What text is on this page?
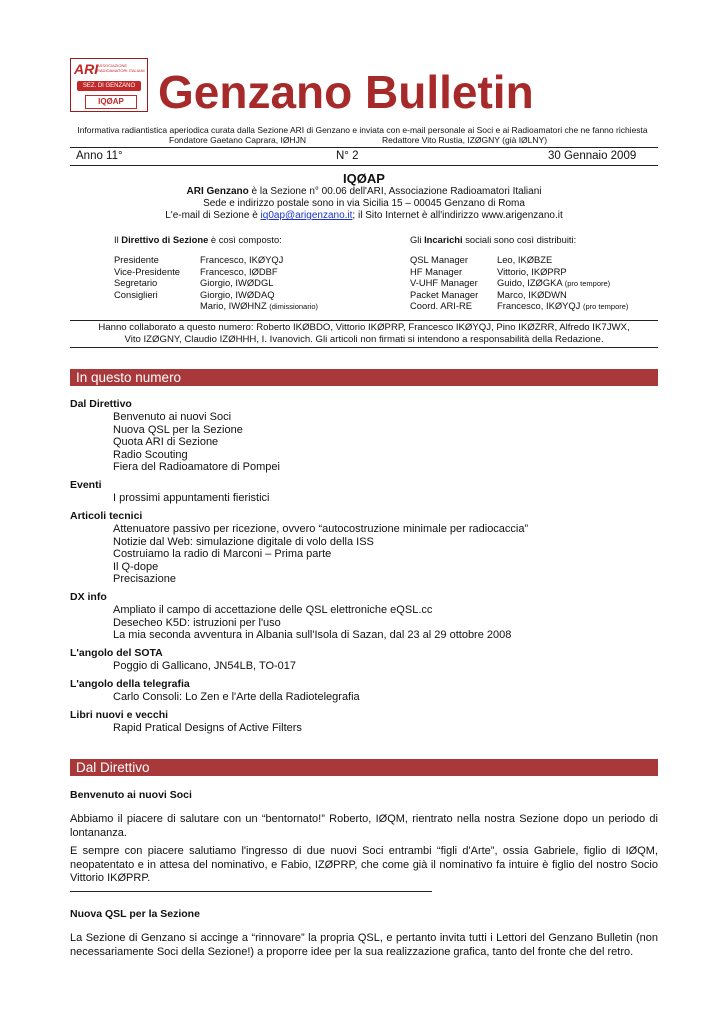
ARI
ASSOCIAZIONE RADIOAMATORI ITALIANI
SEZ. DI GENZANO
IQØAP Genzano Bulletin
Informativa radiantistica aperiodica curata dalla Sezione ARI di Genzano e inviata con e-mail personale ai Soci e ai Radioamatori che ne fanno richiesta
Fondatore Gaetano Caprara, IØHJN	Redattore Vito Rustia, IZØGNY (già IØLNY)
Anno 11°	N° 2	30 Gennaio 2009
IQØAP
ARI Genzano è la Sezione n° 00.06 dell'ARI, Associazione Radioamatori Italiani
Sede e indirizzo postale sono in via Sicilia 15 – 00045 Genzano di Roma
L'e-mail di Sezione è iq0ap@arigenzano.it; il Sito Internet è all'indirizzo www.arigenzano.it
Il Direttivo di Sezione è così composto:
Presidente	Francesco, IKØYQJ
Vice-Presidente Francesco, IØDBF
Segretario	Giorgio, IWØDGL
Consiglieri	Giorgio, IWØDAQ
Mario, IWØHNZ (dimissionario)
Gli Incarichi sociali sono così distribuiti:
QSL Manager	Leo, IKØBZE
HF Manager	Vittorio, IKØPRP
V-UHF Manager Guido, IZØGKA (pro tempore)
Packet Manager Marco, IKØDWN
Coord. ARI-RE	Francesco, IKØYQJ (pro tempore)
Hanno collaborato a questo numero: Roberto IKØBDO, Vittorio IKØPRP, Francesco IKØYQJ, Pino IKØZRR, Alfredo IK7JWX,
Vito IZØGNY, Claudio IZØHHH, I. Ivanovich. Gli articoli non firmati si intendono a responsabilità della Redazione.
In questo numero
Dal Direttivo
Benvenuto ai nuovi Soci
Nuova QSL per la Sezione
Quota ARI di Sezione
Radio Scouting
Fiera del Radioamatore di Pompei
Eventi
I prossimi appuntamenti fieristici
Articoli tecnici
Attenuatore passivo per ricezione, ovvero “autocostruzione minimale per radiocaccia”
Notizie dal Web: simulazione digitale di volo della ISS
Costruiamo la radio di Marconi – Prima parte
Il Q-dope
Precisazione
DX info
Ampliato il campo di accettazione delle QSL elettroniche eQSL.cc
Desecheo K5D: istruzioni per l'uso
La mia seconda avventura in Albania sull'Isola di Sazan, dal 23 al 29 ottobre 2008
L'angolo del SOTA
Poggio di Gallicano, JN54LB, TO-017
L'angolo della telegrafia
Carlo Consoli: Lo Zen e l'Arte della Radiotelegrafia
Libri nuovi e vecchi
Rapid Pratical Designs of Active Filters
Dal Direttivo
Benvenuto ai nuovi Soci
Abbiamo il piacere di salutare con un “bentornato!” Roberto, IØQM, rientrato nella nostra Sezione dopo un periodo di lontananza.
E sempre con piacere salutiamo l'ingresso di due nuovi Soci entrambi “figli d'Arte”, ossia Gabriele, figlio di IØQM, neopatentato e in attesa del nominativo, e Fabio, IZØPRP, che come già il nominativo fa intuire è figlio del nostro Socio Vittorio IKØPRP.
Nuova QSL per la Sezione
La Sezione di Genzano si accinge a “rinnovare” la propria QSL, e pertanto invita tutti i Lettori del Genzano Bulletin (non necessariamente Soci della Sezione!) a proporre idee per la sua realizzazione grafica, tanto del fronte che del retro.
